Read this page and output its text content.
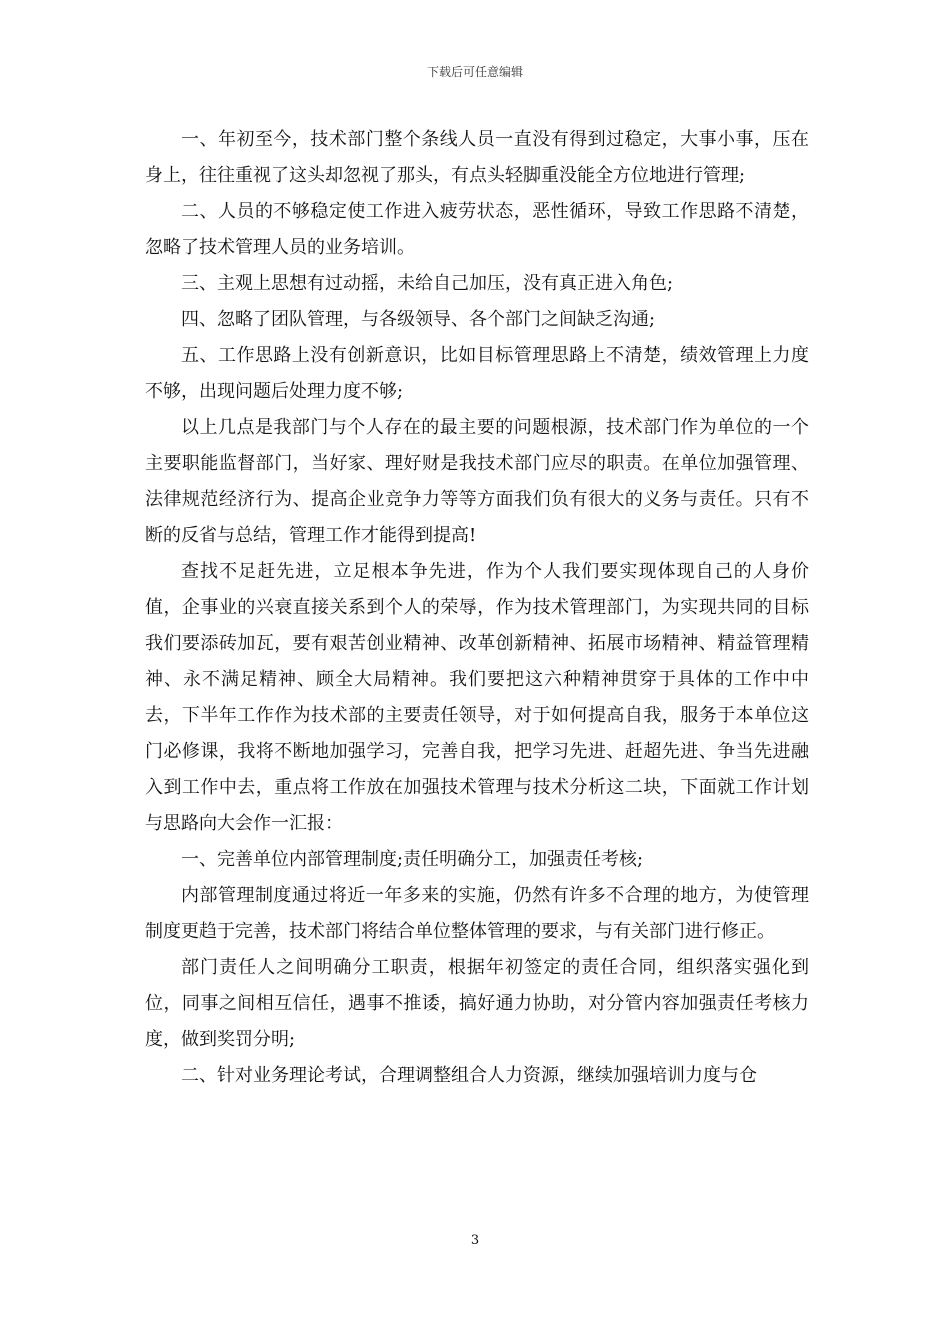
下载后可任意编辑

一、年初至今，技术部门整个条线人员一直没有得到过稳定，大事小事，压在身上，往往重视了这头却忽视了那头，有点头轻脚重没能全方位地进行管理;

二、人员的不够稳定使工作进入疲劳状态，恶性循环，导致工作思路不清楚，忽略了技术管理人员的业务培训。

三、主观上思想有过动摇，未给自己加压，没有真正进入角色;

四、忽略了团队管理，与各级领导、各个部门之间缺乏沟通;

五、工作思路上没有创新意识，比如目标管理思路上不清楚，绩效管理上力度不够，出现问题后处理力度不够;

以上几点是我部门与个人存在的最主要的问题根源，技术部门作为单位的一个主要职能监督部门，当好家、理好财是我技术部门应尽的职责。在单位加强管理、法律规范经济行为、提高企业竞争力等等方面我们负有很大的义务与责任。只有不断的反省与总结，管理工作才能得到提高!

查找不足赶先进，立足根本争先进，作为个人我们要实现体现自己的人身价值，企事业的兴衰直接关系到个人的荣辱，作为技术管理部门，为实现共同的目标我们要添砖加瓦，要有艰苦创业精神、改革创新精神、拓展市场精神、精益管理精神、永不满足精神、顾全大局精神。我们要把这六种精神贯穿于具体的工作中中去，下半年工作作为技术部的主要责任领导，对于如何提高自我，服务于本单位这门必修课，我将不断地加强学习，完善自我，把学习先进、赶超先进、争当先进融入到工作中去，重点将工作放在加强技术管理与技术分析这二块，下面就工作计划与思路向大会作一汇报：

一、完善单位内部管理制度;责任明确分工，加强责任考核;

内部管理制度通过将近一年多来的实施，仍然有许多不合理的地方，为使管理制度更趋于完善，技术部门将结合单位整体管理的要求，与有关部门进行修正。

部门责任人之间明确分工职责，根据年初签定的责任合同，组织落实强化到位，同事之间相互信任，遇事不推诿，搞好通力协助，对分管内容加强责任考核力度，做到奖罚分明;

二、针对业务理论考试，合理调整组合人力资源，继续加强培训力度与仓

3
